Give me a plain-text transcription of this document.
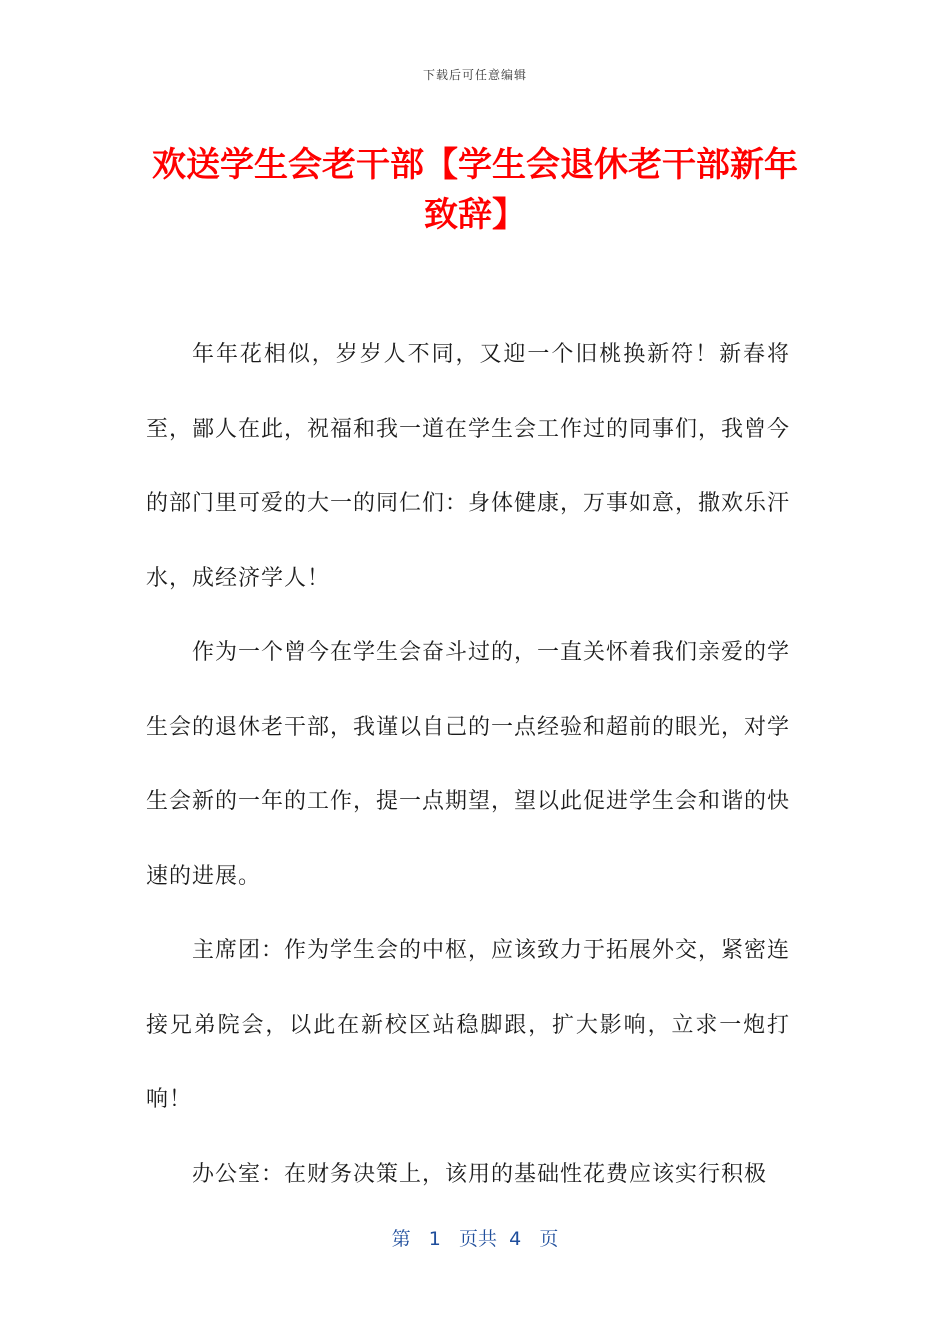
下载后可任意编辑
欢送学生会老干部【学生会退休老干部新年致辞】

年年花相似，岁岁人不同，又迎一个旧桃换新符！新春将至，鄙人在此，祝福和我一道在学生会工作过的同事们，我曾今的部门里可爱的大一的同仁们：身体健康，万事如意，撒欢乐汗水，成经济学人！

作为一个曾今在学生会奋斗过的，一直关怀着我们亲爱的学生会的退休老干部，我谨以自己的一点经验和超前的眼光，对学生会新的一年的工作，提一点期望，望以此促进学生会和谐的快速的进展。

主席团：作为学生会的中枢，应该致力于拓展外交，紧密连接兄弟院会，以此在新校区站稳脚跟，扩大影响，立求一炮打响！

办公室：在财务决策上，该用的基础性花费应该实行积极

第 1 页共 4 页
